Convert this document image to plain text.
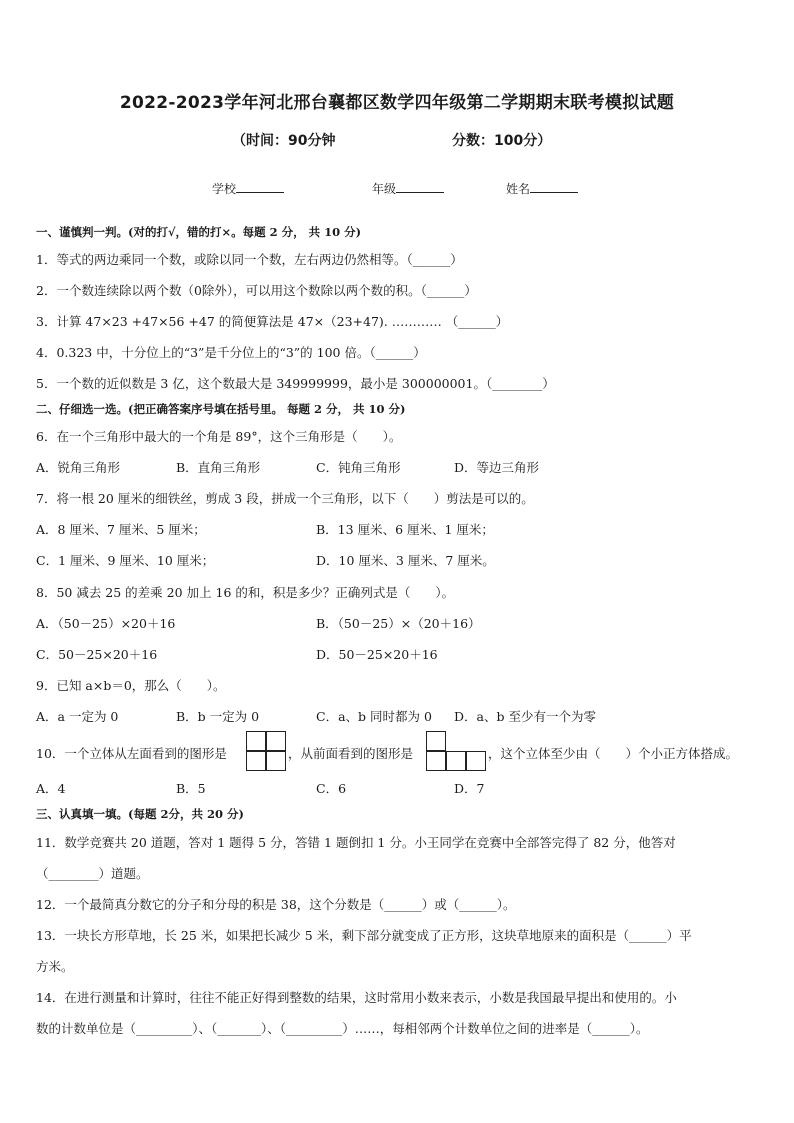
2022-2023学年河北邢台襄都区数学四年级第二学期期末联考模拟试题
（时间：90分钟	分数：100分）
学校	年级	姓名
一、谨慎判一判。(对的打√，错的打×。每题 2 分， 共 10 分)
1．等式的两边乘同一个数，或除以同一个数，左右两边仍然相等。（______）
2．一个数连续除以两个数（0除外），可以用这个数除以两个数的积。（______）
3．计算 47×23 +47×56 +47 的简便算法是 47×（23+47). ………… （______）
4．0.323 中，十分位上的“3”是千分位上的“3”的 100 倍。（______）
5．一个数的近似数是 3 亿，这个数最大是 349999999，最小是 300000001。（________）
二、仔细选一选。(把正确答案序号填在括号里。 每题 2 分， 共 10 分)
6．在一个三角形中最大的一个角是 89°，这个三角形是（　　）。
A．锐角三角形	B．直角三角形	C．钝角三角形	D．等边三角形
7．将一根 20 厘米的细铁丝，剪成 3 段，拼成一个三角形，以下（　　）剪法是可以的。
A．8 厘米、7 厘米、5 厘米；	B．13 厘米、6 厘米、1 厘米；
C．1 厘米、9 厘米、10 厘米；	D．10 厘米、3 厘米、7 厘米。
8．50 减去 25 的差乘 20 加上 16 的和，积是多少？正确列式是（　　）。
A．（50－25）×20＋16	B．（50－25）×（20＋16）
C．50－25×20＋16	D．50－25×20＋16
9．已知 a×b＝0，那么（　　）。
A．a 一定为 0	B．b 一定为 0	C．a、b 同时都为 0 D．a、b 至少有一个为零
10．一个立体从左面看到的图形是	，从前面看到的图形是	，这个立体至少由（　　）个小正方体搭成。
A．4	B．5	C．6	D．7
三、认真填一填。(每题 2分，共 20 分)
11．数学竞赛共 20 道题，答对 1 题得 5 分，答错 1 题倒扣 1 分。小王同学在竞赛中全部答完得了 82 分，他答对
（________）道题。
12．一个最简真分数它的分子和分母的积是 38，这个分数是（______）或（______）。
13．一块长方形草地，长 25 米，如果把长减少 5 米，剩下部分就变成了正方形，这块草地原来的面积是（______）平
方米。
14．在进行测量和计算时，往往不能正好得到整数的结果，这时常用小数来表示，小数是我国最早提出和使用的。小
数的计数单位是（_________）、（_______）、（_________）……，每相邻两个计数单位之间的进率是（______）。
